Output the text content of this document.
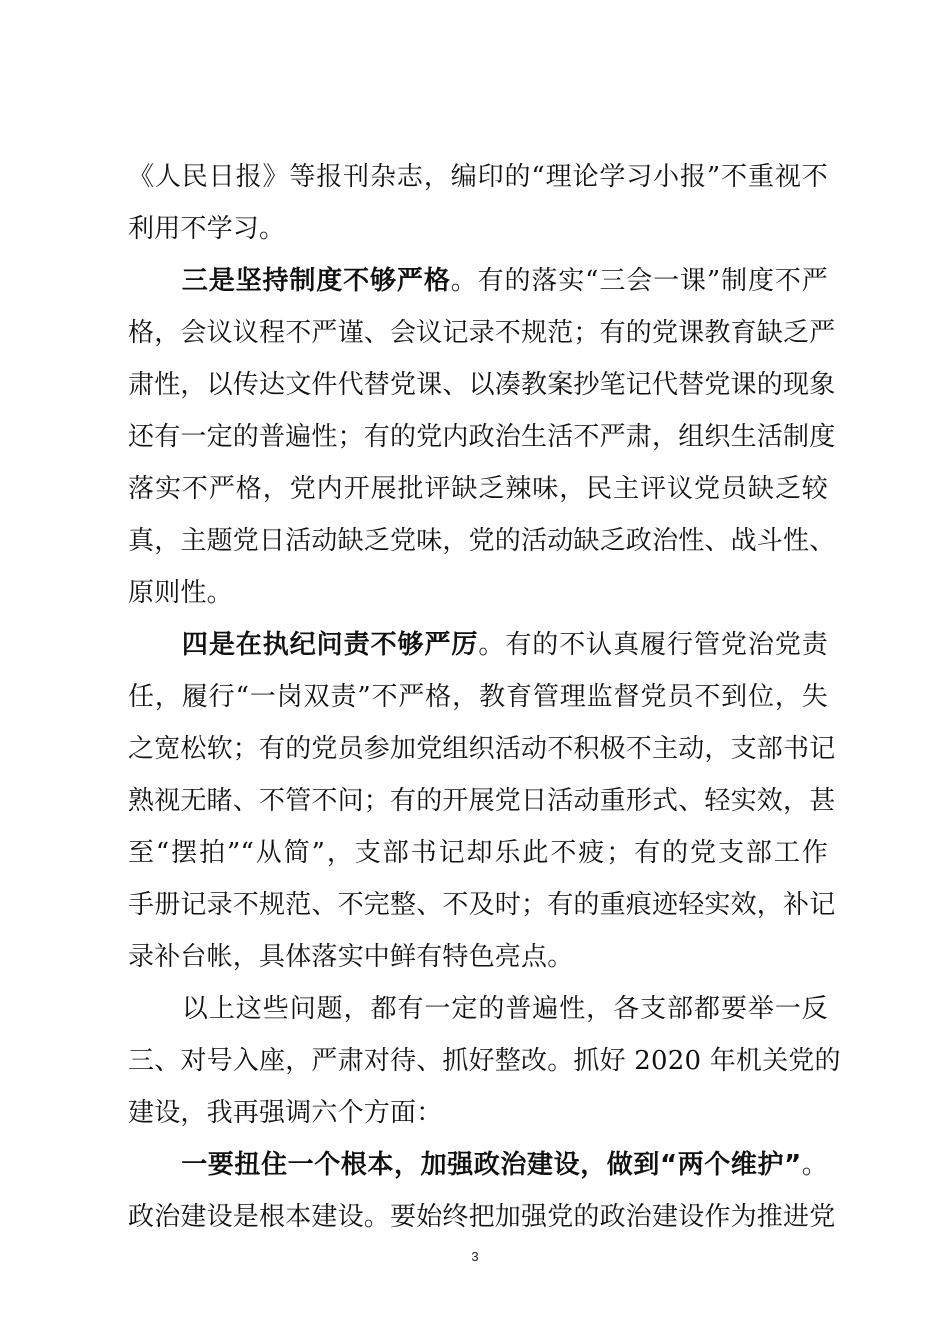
《人民日报》等报刊杂志，编印的“理论学习小报”不重视不
利用不学习。
　　三是坚持制度不够严格。有的落实“三会一课”制度不严
格，会议议程不严谨、会议记录不规范；有的党课教育缺乏严
肃性，以传达文件代替党课、以凑教案抄笔记代替党课的现象
还有一定的普遍性；有的党内政治生活不严肃，组织生活制度
落实不严格，党内开展批评缺乏辣味，民主评议党员缺乏较
真，主题党日活动缺乏党味，党的活动缺乏政治性、战斗性、
原则性。
　　四是在执纪问责不够严厉。有的不认真履行管党治党责
任，履行“一岗双责”不严格，教育管理监督党员不到位，失
之宽松软；有的党员参加党组织活动不积极不主动，支部书记
熟视无睹、不管不问；有的开展党日活动重形式、轻实效，甚
至“摆拍”“从简”，支部书记却乐此不疲；有的党支部工作
手册记录不规范、不完整、不及时；有的重痕迹轻实效，补记
录补台帐，具体落实中鲜有特色亮点。
　　以上这些问题，都有一定的普遍性，各支部都要举一反
三、对号入座，严肃对待、抓好整改。抓好 2020 年机关党的
建设，我再强调六个方面：
　　一要扭住一个根本，加强政治建设，做到“两个维护”。
政治建设是根本建设。要始终把加强党的政治建设作为推进党
3
